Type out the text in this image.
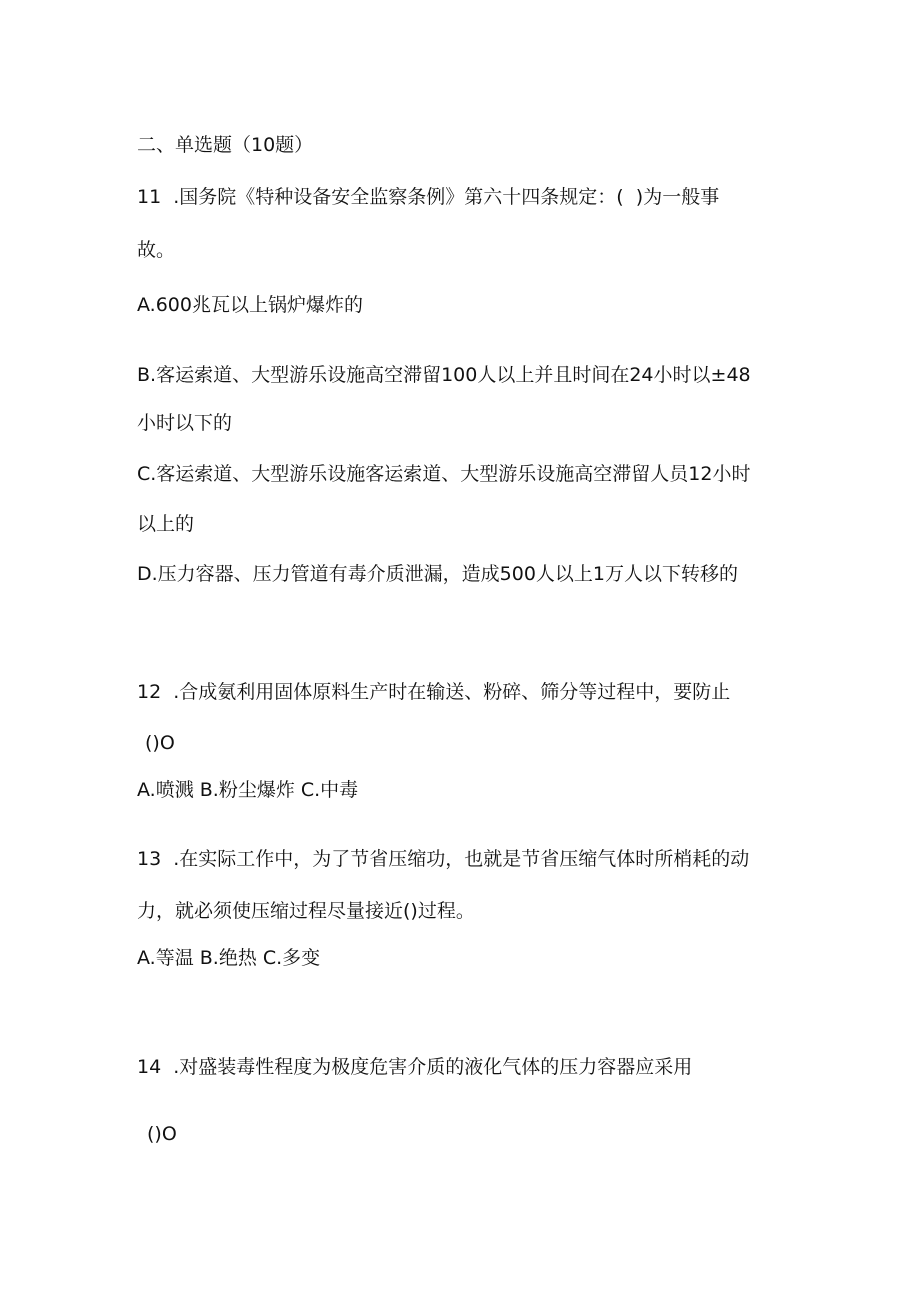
二、单选题（10题）
11  .国务院《特种设备安全监察条例》第六十四条规定：(  )为一般事
故。
A.600兆瓦以上锅炉爆炸的
B.客运索道、大型游乐设施高空滞留100人以上并且时间在24小时以±48
小时以下的
C.客运索道、大型游乐设施客运索道、大型游乐设施高空滞留人员12小时
以上的
D.压力容器、压力管道有毒介质泄漏，造成500人以上1万人以下转移的
12  .合成氨利用固体原料生产时在输送、粉碎、筛分等过程中，要防止
()O
A.喷溅 B.粉尘爆炸 C.中毒
13  .在实际工作中，为了节省压缩功，也就是节省压缩气体时所梢耗的动
力，就必须使压缩过程尽量接近()过程。
A.等温 B.绝热 C.多变
14  .对盛装毒性程度为极度危害介质的液化气体的压力容器应采用
()O
